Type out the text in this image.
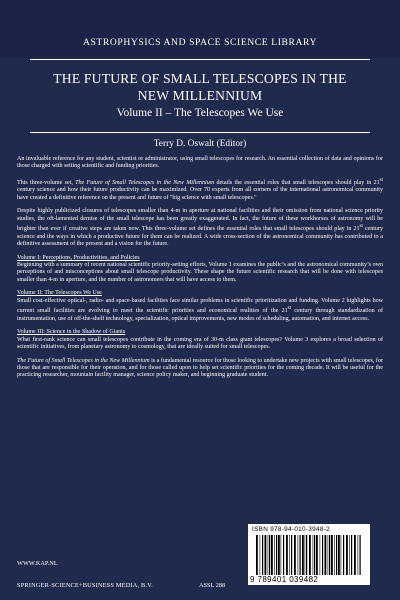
ASTROPHYSICS AND SPACE SCIENCE LIBRARY
THE FUTURE OF SMALL TELESCOPES IN THE
NEW MILLENNIUM
Volume II – The Telescopes We Use
Terry D. Oswalt (Editor)

An invaluable reference for any student, scientist or administrator, using small telescopes for research. An essential collection of data and opinions for those charged with setting scientific and funding priorities.

This three-volume set, The Future of Small Telescopes in the New Millennium details the essential roles that small telescopes should play in 21st century science and how their future productivity can be maximized. Over 70 experts from all corners of the international astronomical community have created a definitive reference on the present and future of "big science with small telescopes."

Despite highly publicized closures of telescopes smaller than 4-m in aperture at national facilities and their omission from national science priority studies, the oft-lamented demise of the small telescope has been greatly exaggerated. In fact, the future of these workhorses of astronomy will be brighter than ever if creative steps are taken now. This three-volume set defines the essential roles that small telescopes should play in 21st century science and the ways in which a productive future for them can be realized. A wide cross-section of the astronomical community has contributed to a definitive assessment of the present and a vision for the future.

Volume I: Perceptions, Productivities, and Policies
Beginning with a summary of recent national scientific priority-setting efforts, Volume 1 examines the public’s and the astronomical community’s own perceptions of and misconceptions about small telescope productivity. These shape the future scientific research that will be done with telescopes smaller than 4-m in aperture, and the number of astronomers that will have access to them.

Volume II: The Telescopes We Use
Small cost-effective optical-, radio- and space-based facilities face similar problems in scientific prioritization and funding. Volume 2 highlights how current small facilities are evolving to meet the scientific priorities and economical realities of the 21st century through standardization of instrumentation, use of off-the-shelf technology, specialization, optical improvements, new modes of scheduling, automation, and internet access.

Volume III: Science in the Shadow of Giants
What first-rank science can small telescopes contribute in the coming era of 30-m class giant telescopes? Volume 3 explores a broad selection of scientific initiatives, from planetary astronomy to cosmology, that are ideally suited for small telescopes.

The Future of Small Telescopes in the New Millennium is a fundamental resource for those looking to undertake new projects with small telescopes, for those that are responsible for their operation, and for those called upon to help set scientific priorities for the coming decade. It will be useful for the practicing researcher, mountain facility manager, science policy maker, and beginning graduate student.

ISBN 978-94-010-3948-2
9 789401 039482
WWW.KAP.NL
SPRINGER-SCIENCE+BUSINESS MEDIA, B.V.	ASSL 288
